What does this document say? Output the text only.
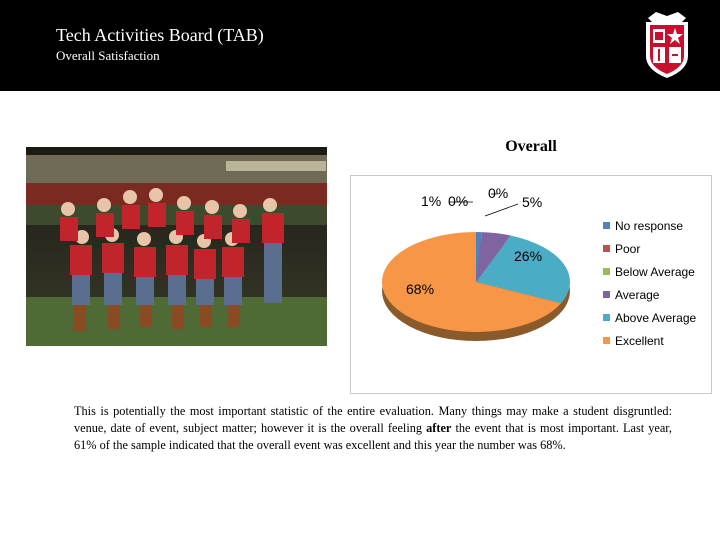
Tech Activities Board (TAB)
Overall Satisfaction
Overall
1% 0% 0%
5%
26%
68%
No response
Poor
Below Average
Average
Above Average
Excellent
This is potentially the most important statistic of the entire evaluation. Many things may make a student disgruntled: venue, date of event, subject matter; however it is the overall feeling after the event that is most important. Last year, 61% of the sample indicated that the overall event was excellent and this year the number was 68%.
